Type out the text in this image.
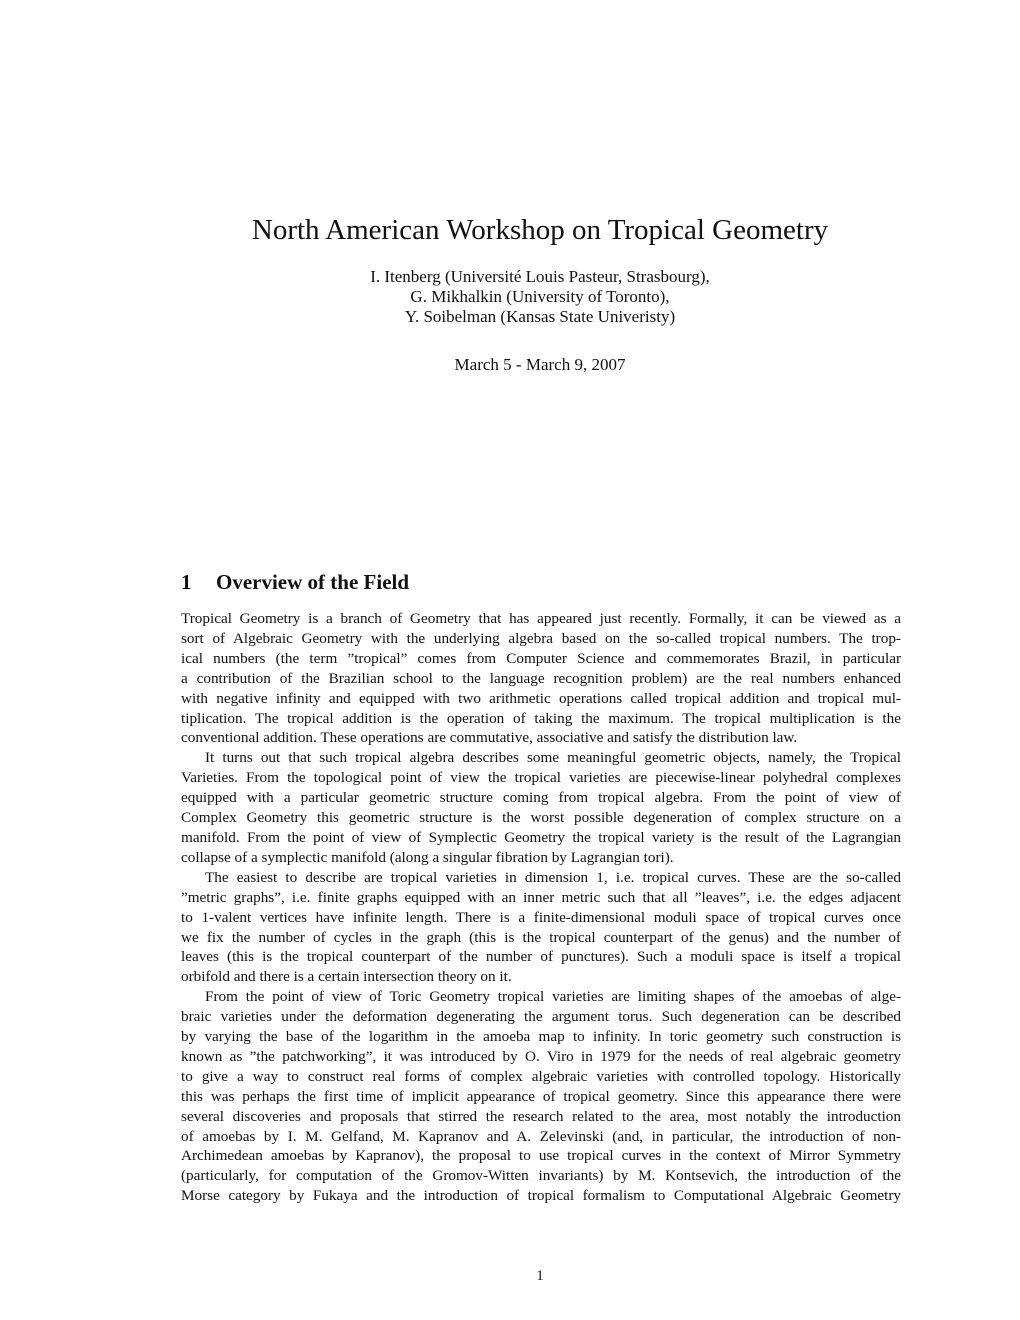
North American Workshop on Tropical Geometry
I. Itenberg (Université Louis Pasteur, Strasbourg),
G. Mikhalkin (University of Toronto),
Y. Soibelman (Kansas State Univeristy)
March 5 - March 9, 2007
1 Overview of the Field
Tropical Geometry is a branch of Geometry that has appeared just recently. Formally, it can be viewed as a
sort of Algebraic Geometry with the underlying algebra based on the so-called tropical numbers. The trop-
ical numbers (the term ”tropical” comes from Computer Science and commemorates Brazil, in particular
a contribution of the Brazilian school to the language recognition problem) are the real numbers enhanced
with negative infinity and equipped with two arithmetic operations called tropical addition and tropical mul-
tiplication. The tropical addition is the operation of taking the maximum. The tropical multiplication is the
conventional addition. These operations are commutative, associative and satisfy the distribution law.
It turns out that such tropical algebra describes some meaningful geometric objects, namely, the Tropical
Varieties. From the topological point of view the tropical varieties are piecewise-linear polyhedral complexes
equipped with a particular geometric structure coming from tropical algebra. From the point of view of
Complex Geometry this geometric structure is the worst possible degeneration of complex structure on a
manifold. From the point of view of Symplectic Geometry the tropical variety is the result of the Lagrangian
collapse of a symplectic manifold (along a singular fibration by Lagrangian tori).
The easiest to describe are tropical varieties in dimension 1, i.e. tropical curves. These are the so-called
”metric graphs”, i.e. finite graphs equipped with an inner metric such that all ”leaves”, i.e. the edges adjacent
to 1-valent vertices have infinite length. There is a finite-dimensional moduli space of tropical curves once
we fix the number of cycles in the graph (this is the tropical counterpart of the genus) and the number of
leaves (this is the tropical counterpart of the number of punctures). Such a moduli space is itself a tropical
orbifold and there is a certain intersection theory on it.
From the point of view of Toric Geometry tropical varieties are limiting shapes of the amoebas of alge-
braic varieties under the deformation degenerating the argument torus. Such degeneration can be described
by varying the base of the logarithm in the amoeba map to infinity. In toric geometry such construction is
known as ”the patchworking”, it was introduced by O. Viro in 1979 for the needs of real algebraic geometry
to give a way to construct real forms of complex algebraic varieties with controlled topology. Historically
this was perhaps the first time of implicit appearance of tropical geometry. Since this appearance there were
several discoveries and proposals that stirred the research related to the area, most notably the introduction
of amoebas by I. M. Gelfand, M. Kapranov and A. Zelevinski (and, in particular, the introduction of non-
Archimedean amoebas by Kapranov), the proposal to use tropical curves in the context of Mirror Symmetry
(particularly, for computation of the Gromov-Witten invariants) by M. Kontsevich, the introduction of the
Morse category by Fukaya and the introduction of tropical formalism to Computational Algebraic Geometry
1
